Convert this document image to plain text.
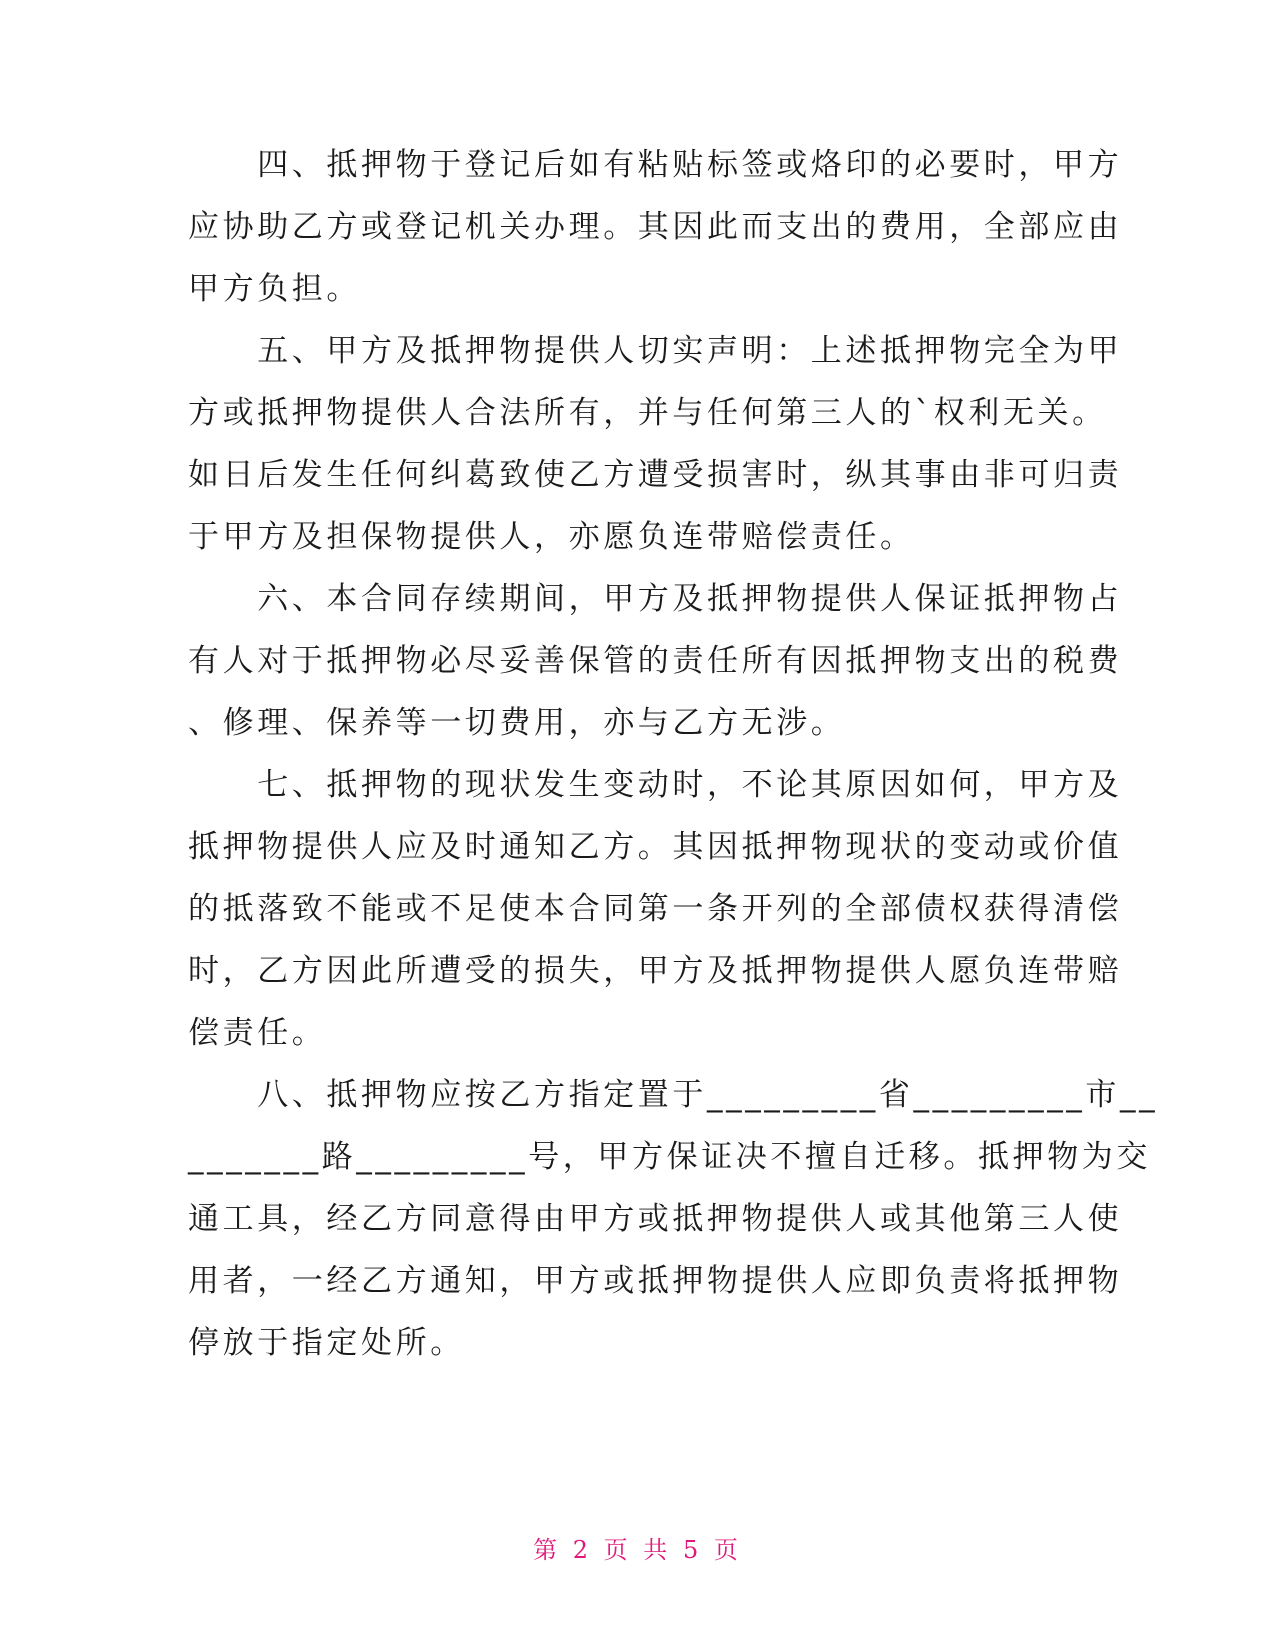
　　四、抵押物于登记后如有粘贴标签或烙印的必要时，甲方
应协助乙方或登记机关办理。其因此而支出的费用，全部应由
甲方负担。
　　五、甲方及抵押物提供人切实声明：上述抵押物完全为甲
方或抵押物提供人合法所有，并与任何第三人的`权利无关。
如日后发生任何纠葛致使乙方遭受损害时，纵其事由非可归责
于甲方及担保物提供人，亦愿负连带赔偿责任。
　　六、本合同存续期间，甲方及抵押物提供人保证抵押物占
有人对于抵押物必尽妥善保管的责任所有因抵押物支出的税费
、修理、保养等一切费用，亦与乙方无涉。
　　七、抵押物的现状发生变动时，不论其原因如何，甲方及
抵押物提供人应及时通知乙方。其因抵押物现状的变动或价值
的抵落致不能或不足使本合同第一条开列的全部债权获得清偿
时，乙方因此所遭受的损失，甲方及抵押物提供人愿负连带赔
偿责任。
　　八、抵押物应按乙方指定置于_________省_________市__
_______路_________号，甲方保证决不擅自迁移。抵押物为交
通工具，经乙方同意得由甲方或抵押物提供人或其他第三人使
用者，一经乙方通知，甲方或抵押物提供人应即负责将抵押物
停放于指定处所。
第 2 页 共 5 页
